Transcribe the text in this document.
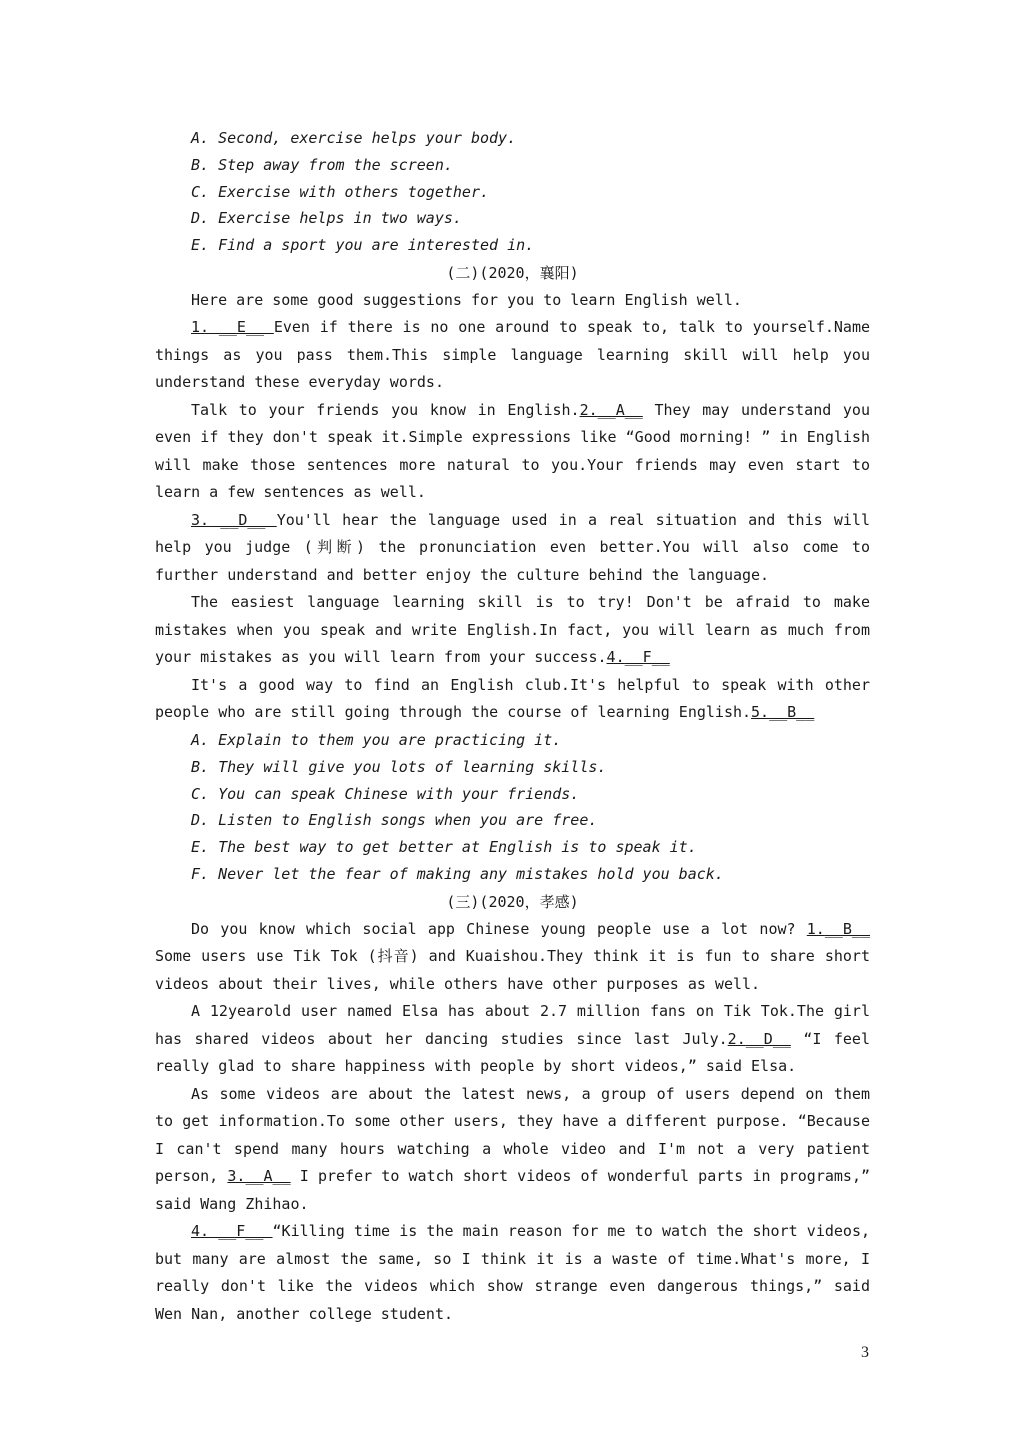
A. Second, exercise helps your body.
B. Step away from the screen.
C. Exercise with others together.
D. Exercise helps in two ways.
E. Find a sport you are interested in.
(二)(2020，襄阳)

Here are some good suggestions for you to learn English well.

1. __E__ Even if there is no one around to speak to, talk to yourself.Name things as you pass them.This simple language learning skill will help you understand these everyday words.

Talk to your friends you know in English.2.__A__ They may understand you even if they don't speak it.Simple expressions like “Good morning! ” in English will make those sentences more natural to you.Your friends may even start to learn a few sentences as well.

3. __D__ You'll hear the language used in a real situation and this will help you judge (判断) the pronunciation even better.You will also come to further understand and better enjoy the culture behind the language.

The easiest language learning skill is to try! Don't be afraid to make mistakes when you speak and write English.In fact, you will learn as much from your mistakes as you will learn from your success.4.__F__

It's a good way to find an English club.It's helpful to speak with other people who are still going through the course of learning English.5.__B__

A. Explain to them you are practicing it.
B. They will give you lots of learning skills.
C. You can speak Chinese with your friends.
D. Listen to English songs when you are free.
E. The best way to get better at English is to speak it.
F. Never let the fear of making any mistakes hold you back.
(三)(2020，孝感)

Do you know which social app Chinese young people use a lot now? 1.__B__ Some users use Tik Tok (抖音) and Kuaishou.They think it is fun to share short videos about their lives, while others have other purposes as well.

A 12yearold user named Elsa has about 2.7 million fans on Tik Tok.The girl has shared videos about her dancing studies since last July.2.__D__ “I feel really glad to share happiness with people by short videos,” said Elsa.

As some videos are about the latest news, a group of users depend on them to get information.To some other users, they have a different purpose. “Because I can't spend many hours watching a whole video and I'm not a very patient person, 3.__A__ I prefer to watch short videos of wonderful parts in programs,” said Wang Zhihao.

4. __F__ “Killing time is the main reason for me to watch the short videos, but many are almost the same, so I think it is a waste of time.What's more, I really don't like the videos which show strange even dangerous things,” said Wen Nan, another college student.

3
